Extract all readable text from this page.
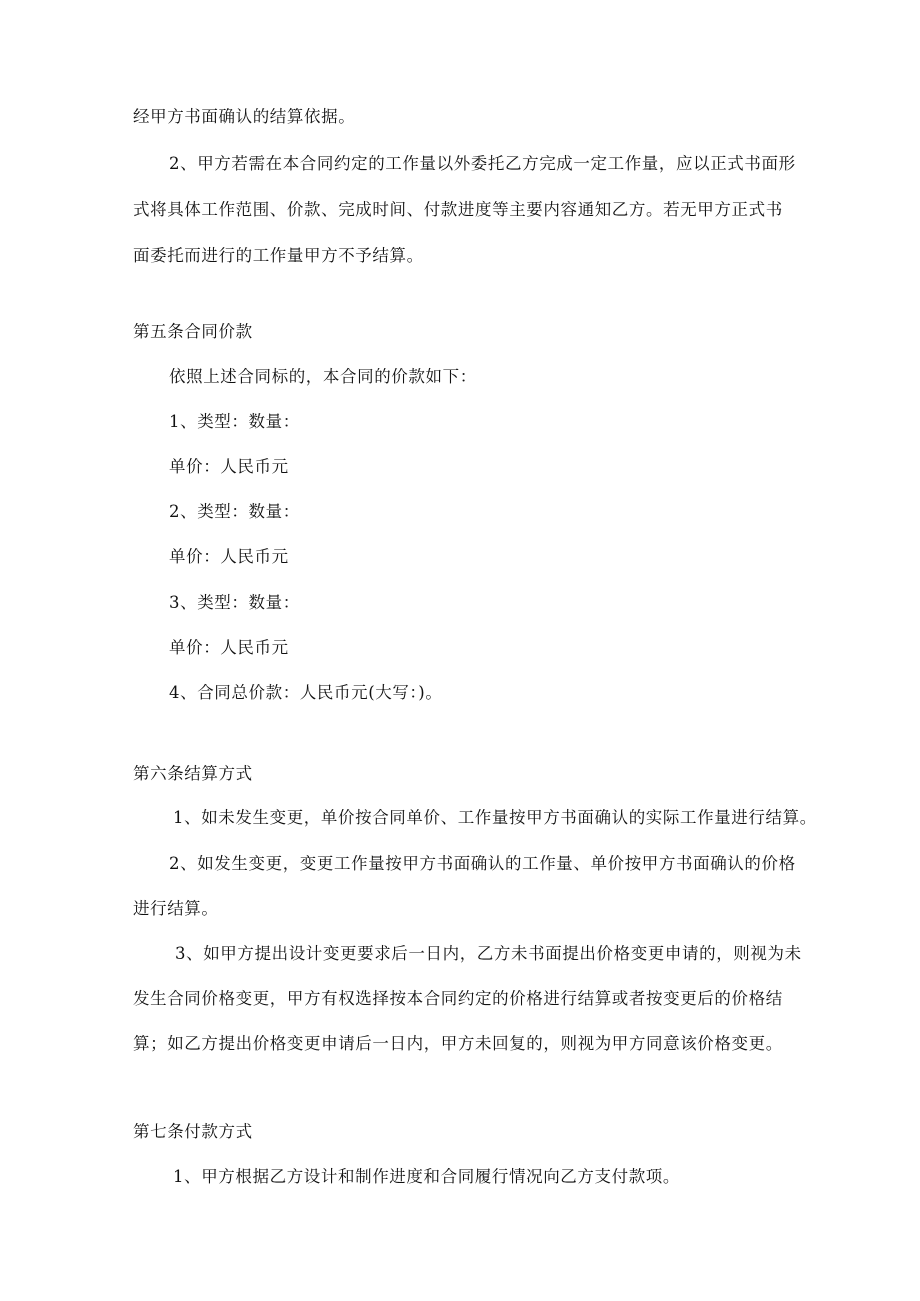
经甲方书面确认的结算依据。
2、甲方若需在本合同约定的工作量以外委托乙方完成一定工作量，应以正式书面形
式将具体工作范围、价款、完成时间、付款进度等主要内容通知乙方。若无甲方正式书
面委托而进行的工作量甲方不予结算。
第五条合同价款
依照上述合同标的，本合同的价款如下：
1、类型：数量：
单价：人民币元
2、类型：数量：
单价：人民币元
3、类型：数量：
单价：人民币元
4、合同总价款：人民币元(大写：)。
第六条结算方式
1、如未发生变更，单价按合同单价、工作量按甲方书面确认的实际工作量进行结算。
2、如发生变更，变更工作量按甲方书面确认的工作量、单价按甲方书面确认的价格
进行结算。
3、如甲方提出设计变更要求后一日内，乙方未书面提出价格变更申请的，则视为未
发生合同价格变更，甲方有权选择按本合同约定的价格进行结算或者按变更后的价格结
算；如乙方提出价格变更申请后一日内，甲方未回复的，则视为甲方同意该价格变更。
第七条付款方式
1、甲方根据乙方设计和制作进度和合同履行情况向乙方支付款项。
